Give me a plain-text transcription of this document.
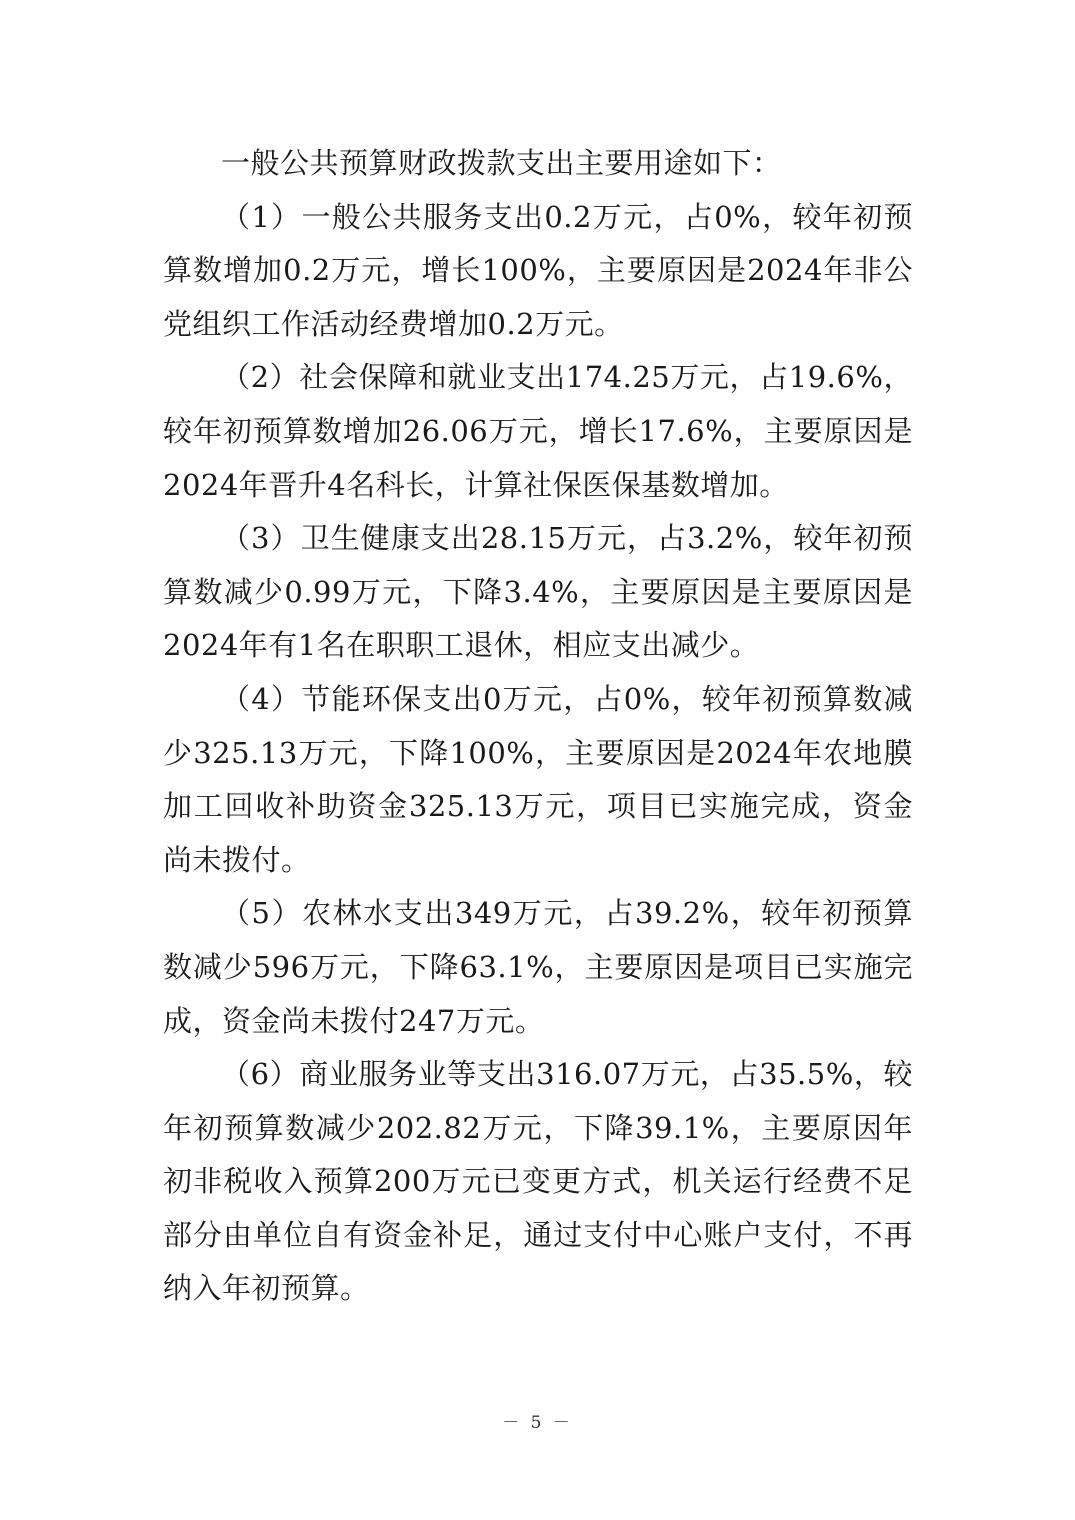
一般公共预算财政拨款支出主要用途如下：

（1）一般公共服务支出0.2万元，占0%，较年初预算数增加0.2万元，增长100%，主要原因是2024年非公党组织工作活动经费增加0.2万元。

（2）社会保障和就业支出174.25万元，占19.6%，较年初预算数增加26.06万元，增长17.6%，主要原因是2024年晋升4名科长，计算社保医保基数增加。

（3）卫生健康支出28.15万元，占3.2%，较年初预算数减少0.99万元，下降3.4%，主要原因是主要原因是2024年有1名在职职工退休，相应支出减少。

（4）节能环保支出0万元，占0%，较年初预算数减少325.13万元，下降100%，主要原因是2024年农地膜加工回收补助资金325.13万元，项目已实施完成，资金尚未拨付。

（5）农林水支出349万元，占39.2%，较年初预算数减少596万元，下降63.1%，主要原因是项目已实施完成，资金尚未拨付247万元。

（6）商业服务业等支出316.07万元，占35.5%，较年初预算数减少202.82万元，下降39.1%，主要原因年初非税收入预算200万元已变更方式，机关运行经费不足部分由单位自有资金补足，通过支付中心账户支付，不再纳入年初预算。

－ 5 －
